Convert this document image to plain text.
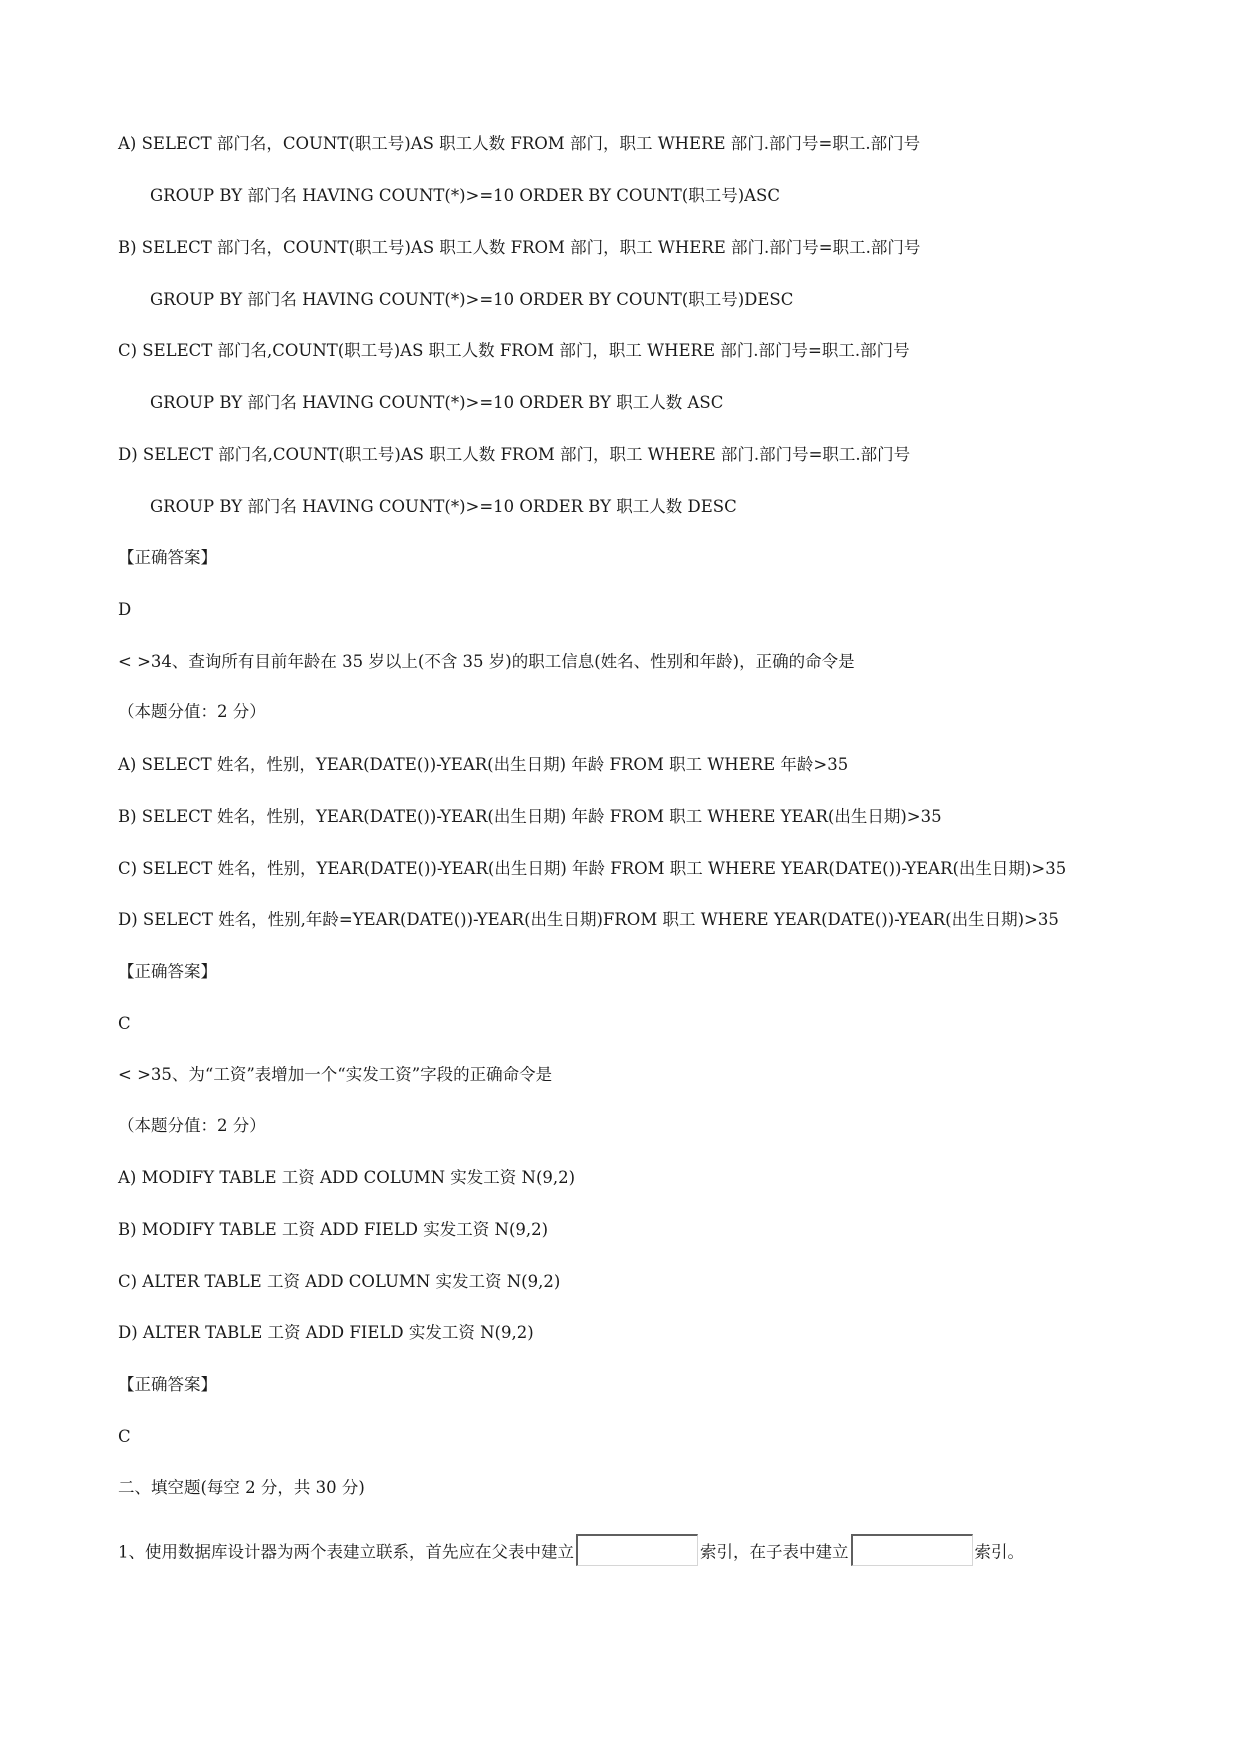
A) SELECT 部门名，COUNT(职工号)AS 职工人数 FROM 部门，职工 WHERE 部门.部门号=职工.部门号
GROUP BY 部门名 HAVING COUNT(*)>=10 ORDER BY COUNT(职工号)ASC
B) SELECT 部门名，COUNT(职工号)AS 职工人数 FROM 部门，职工 WHERE 部门.部门号=职工.部门号
GROUP BY 部门名 HAVING COUNT(*)>=10 ORDER BY COUNT(职工号)DESC
C) SELECT 部门名,COUNT(职工号)AS 职工人数 FROM 部门，职工 WHERE 部门.部门号=职工.部门号
GROUP BY 部门名 HAVING COUNT(*)>=10 ORDER BY 职工人数 ASC
D) SELECT 部门名,COUNT(职工号)AS 职工人数 FROM 部门，职工 WHERE 部门.部门号=职工.部门号
GROUP BY 部门名 HAVING COUNT(*)>=10 ORDER BY 职工人数 DESC
【正确答案】
D
< >34、查询所有目前年龄在 35 岁以上(不含 35 岁)的职工信息(姓名、性别和年龄)，正确的命令是
（本题分值：2 分）
A) SELECT 姓名，性别，YEAR(DATE())-YEAR(出生日期) 年龄 FROM 职工 WHERE 年龄>35
B) SELECT 姓名，性别，YEAR(DATE())-YEAR(出生日期) 年龄 FROM 职工 WHERE YEAR(出生日期)>35
C) SELECT 姓名，性别，YEAR(DATE())-YEAR(出生日期) 年龄 FROM 职工 WHERE YEAR(DATE())-YEAR(出生日期)>35
D) SELECT 姓名，性别,年龄=YEAR(DATE())-YEAR(出生日期)FROM 职工 WHERE YEAR(DATE())-YEAR(出生日期)>35
【正确答案】
C
< >35、为“工资”表增加一个“实发工资”字段的正确命令是
（本题分值：2 分）
A) MODIFY TABLE 工资 ADD COLUMN 实发工资 N(9,2)
B) MODIFY TABLE 工资 ADD FIELD 实发工资 N(9,2)
C) ALTER TABLE 工资 ADD COLUMN 实发工资 N(9,2)
D) ALTER TABLE 工资 ADD FIELD 实发工资 N(9,2)
【正确答案】
C
二、填空题(每空 2 分，共 30 分)
1、使用数据库设计器为两个表建立联系，首先应在父表中建立	索引，在子表中建立	索引。
